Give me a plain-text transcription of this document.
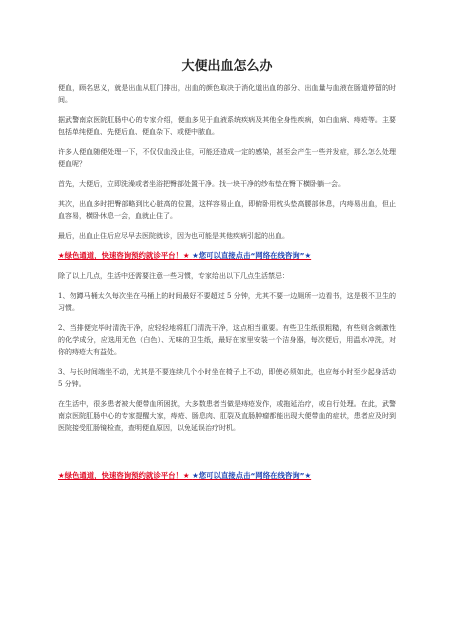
大便出血怎么办

便血，顾名思义，就是出血从肛门排出，出血的颜色取决于消化道出血的部分、出血量与血液在肠道停留的时间。

据武警南京医院肛肠中心的专家介绍，便血多见于血液系统疾病及其他全身性疾病，如白血病、痔疮等。主要包括单纯便血、先便后血、便血杂下、或便中脓血。

许多人便血随便处理一下，不仅仅血没止住，可能还造成一定的感染，甚至会产生一些并发症，那么怎么处理便血呢？

首先，大便后，立即洗澡或者坐浴把臀部处置干净。找一块干净的纱布垫在臀下横卧躺一会。

其次，出血多时把臀部略到比心脏高的位置，这样容易止血，即俯卧用枕头垫高腰部休息，内痔易出血，但止血容易，横卧休息一会，血就止住了。

最后，出血止住后应尽早去医院就诊，因为也可能是其他疾病引起的出血。

★绿色通道，快速咨询预约就诊平台！★ ★您可以直接点击“网络在线咨询”★

除了以上几点，生活中还需要注意一些习惯，专家给出以下几点生活禁忌：

1、勿蹲马桶太久每次坐在马桶上的时间最好不要超过 5 分钟，尤其不要一边厕所一边看书，这是极不卫生的习惯。

2、当排便完毕时清洗干净，应轻轻地将肛门清洗干净，这点相当重要。有些卫生纸很粗糙，有些则含刺激性的化学成分，应选用无色（白色）、无味的卫生纸，最好在家里安装一个洁身器，每次便后，用温水冲洗，对你的痔疮大有益处。

3、与长时间端坐不动，尤其是不要连续几个小时坐在椅子上不动，即使必须如此，也应每小时至少起身活动 5 分钟。

在生活中，很多患者被大便带血所困扰，大多数患者当做是痔疮发作，或拖延治疗，或自行处理。在此，武警南京医院肛肠中心的专家提醒大家，痔疮、肠息肉、肛裂及直肠肿瘤都能出现大便带血的症状，患者应及时到医院接受肛肠镜检查，查明便血原因，以免延误治疗时机。

★绿色通道，快速咨询预约就诊平台！★ ★您可以直接点击“网络在线咨询”★
